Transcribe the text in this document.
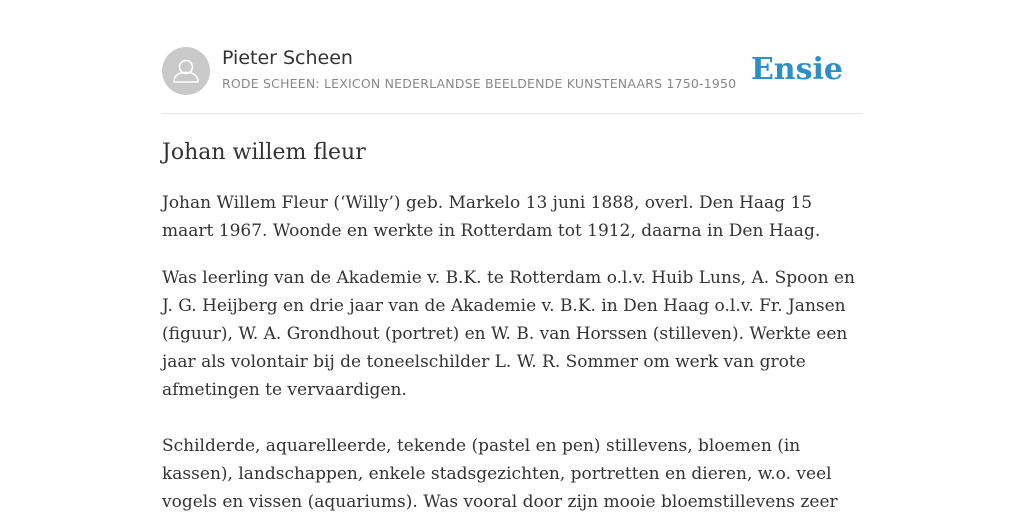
Pieter Scheen
RODE SCHEEN: LEXICON NEDERLANDSE BEELDENDE KUNSTENAARS 1750-1950 Ensie
Johan willem fleur

Johan Willem Fleur (‘Willy’) geb. Markelo 13 juni 1888, overl. Den Haag 15 maart 1967. Woonde en werkte in Rotterdam tot 1912, daarna in Den Haag.

Was leerling van de Akademie v. B.K. te Rotterdam o.l.v. Huib Luns, A. Spoon en J. G. Heijberg en drie jaar van de Akademie v. B.K. in Den Haag o.l.v. Fr. Jansen (figuur), W. A. Grondhout (portret) en W. B. van Horssen (stilleven). Werkte een jaar als volontair bij de toneelschilder L. W. R. Sommer om werk van grote afmetingen te vervaardigen.

Schilderde, aquarelleerde, tekende (pastel en pen) stillevens, bloemen (in kassen), landschappen, enkele stadsgezichten, portretten en dieren, w.o. veel vogels en vissen (aquariums). Was vooral door zijn mooie bloemstillevens zeer
